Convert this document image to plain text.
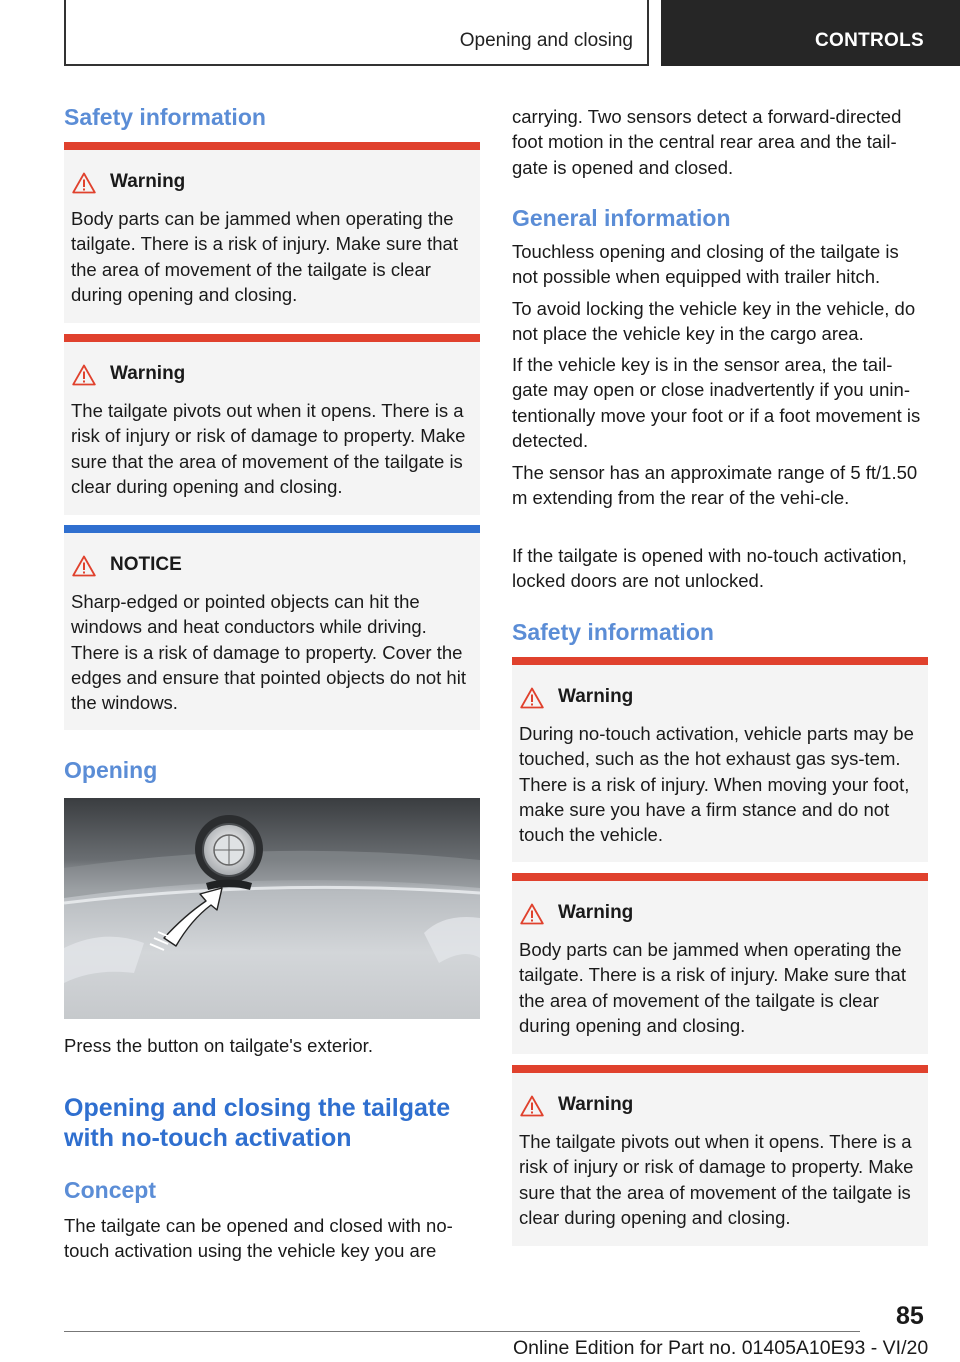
Opening and closing	CONTROLS
Safety information
Warning

Body parts can be jammed when operating the tailgate. There is a risk of injury. Make sure that the area of movement of the tailgate is clear during opening and closing.

Warning

The tailgate pivots out when it opens. There is a risk of injury or risk of damage to property. Make sure that the area of movement of the tailgate is clear during opening and closing.

NOTICE

Sharp-edged or pointed objects can hit the windows and heat conductors while driving. There is a risk of damage to property. Cover the edges and ensure that pointed objects do not hit the windows.

Opening

Press the button on tailgate's exterior.

Opening and closing the tailgate with no-touch activation
Concept

The tailgate can be opened and closed with no-touch activation using the vehicle key you are

carrying. Two sensors detect a forward-directed foot motion in the central rear area and the tail-gate is opened and closed.

General information

Touchless opening and closing of the tailgate is not possible when equipped with trailer hitch.

To avoid locking the vehicle key in the vehicle, do not place the vehicle key in the cargo area.

If the vehicle key is in the sensor area, the tail-gate may open or close inadvertently if you unin-tentionally move your foot or if a foot movement is detected.

The sensor has an approximate range of 5 ft/1.50 m extending from the rear of the vehi-cle.

If the tailgate is opened with no-touch activation, locked doors are not unlocked.

Safety information
Warning

During no-touch activation, vehicle parts may be touched, such as the hot exhaust gas sys-tem. There is a risk of injury. When moving your foot, make sure you have a firm stance and do not touch the vehicle.

Warning

Body parts can be jammed when operating the tailgate. There is a risk of injury. Make sure that the area of movement of the tailgate is clear during opening and closing.

Warning

The tailgate pivots out when it opens. There is a risk of injury or risk of damage to property. Make sure that the area of movement of the tailgate is clear during opening and closing.

85
Online Edition for Part no. 01405A10E93 - VI/20
